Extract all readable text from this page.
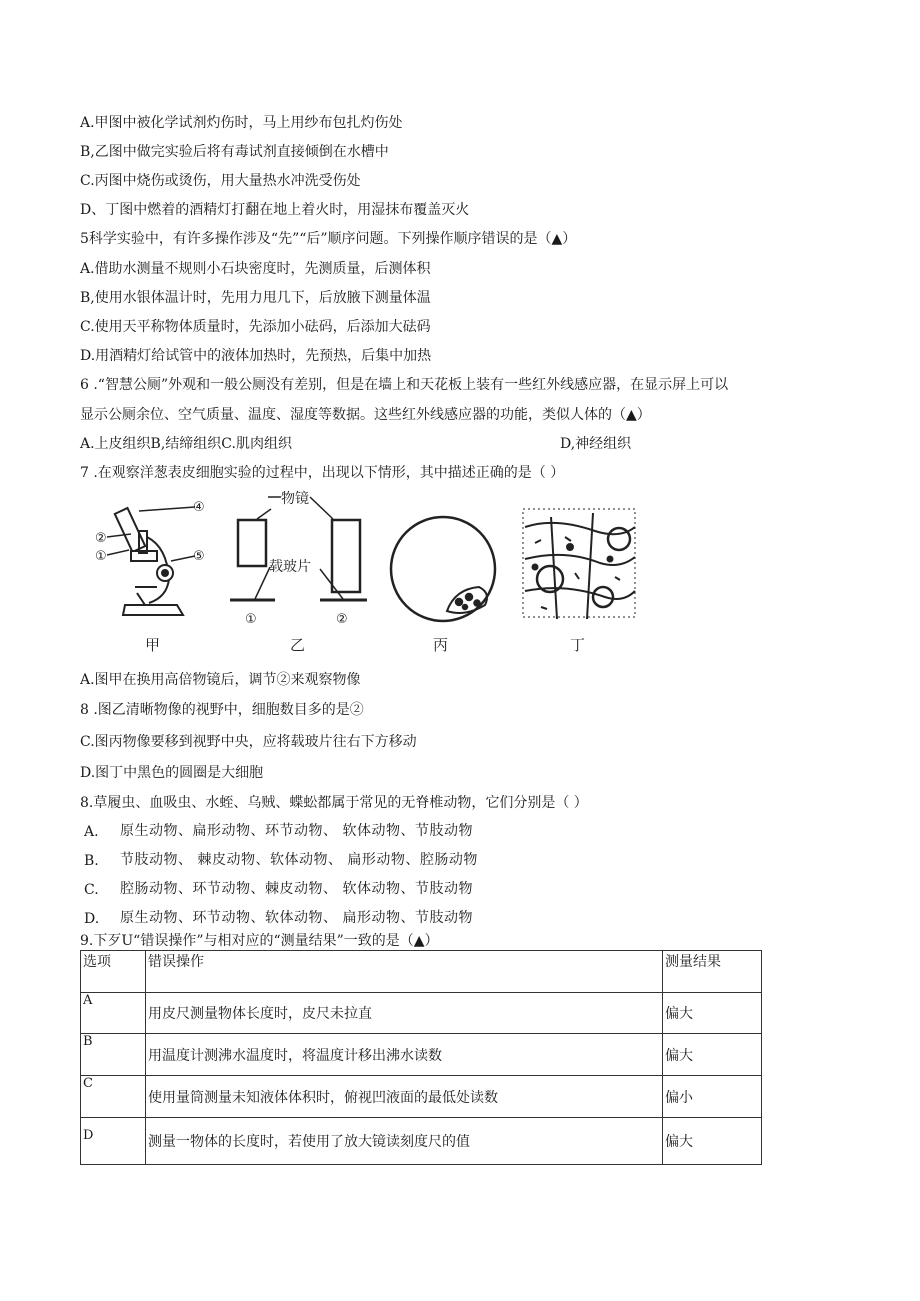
A.甲图中被化学试剂灼伤时，马上用纱布包扎灼伤处
B,乙图中做完实验后将有毒试剂直接倾倒在水槽中
C.丙图中烧伤或烫伤，用大量热水冲洗受伤处
D、丁图中燃着的酒精灯打翻在地上着火时，用湿抹布覆盖灭火
5科学实验中，有许多操作涉及“先”“后”顺序问题。下列操作顺序错误的是（▲）
A.借助水测量不规则小石块密度时，先测质量，后测体积
B,使用水银体温计时，先用力甩几下，后放腋下测量体温
C.使用天平称物体质量时，先添加小砝码，后添加大砝码
D.用酒精灯给试管中的液体加热时，先预热，后集中加热
6 .“智慧公厕”外观和一般公厕没有差别，但是在墙上和天花板上装有一些红外线感应器，在显示屏上可以
显示公厕余位、空气质量、温度、湿度等数据。这些红外线感应器的功能，类似人体的（▲）
A.上皮组织B,结缔组织C.肌肉组织	D,神经组织
7 .在观察洋葱表皮细胞实验的过程中，出现以下情形，其中描述正确的是（ ）
④
②
①	⑤
甲
物镜
载玻片
①	②
乙	丙	丁
A.图甲在换用高倍物镜后，调节②来观察物像
8 .图乙清晰物像的视野中，细胞数目多的是②
C.图丙物像要移到视野中央，应将载玻片往右下方移动
D.图丁中黑色的圆圈是大细胞
8.草履虫、血吸虫、水蛭、乌贼、蝶蚣都属于常见的无脊椎动物，它们分别是（ ）
A. 原生动物、扁形动物、环节动物、 软体动物、节肢动物
B. 节肢动物、 棘皮动物、软体动物、 扁形动物、腔肠动物
C. 腔肠动物、环节动物、棘皮动物、 软体动物、节肢动物
D. 原生动物、环节动物、软体动物、 扁形动物、节肢动物
9.下歹U“错误操作”与相对应的“测量结果”一致的是（▲）
选项	错误操作	测量结果
A	用皮尺测量物体长度时，皮尺未拉直	偏大
B	用温度计测沸水温度时，将温度计移出沸水读数	偏大
C	使用量筒测量未知液体体积时，俯视凹液面的最低处读数	偏小
D	测量一物体的长度时，若使用了放大镜读刻度尺的值	偏大
